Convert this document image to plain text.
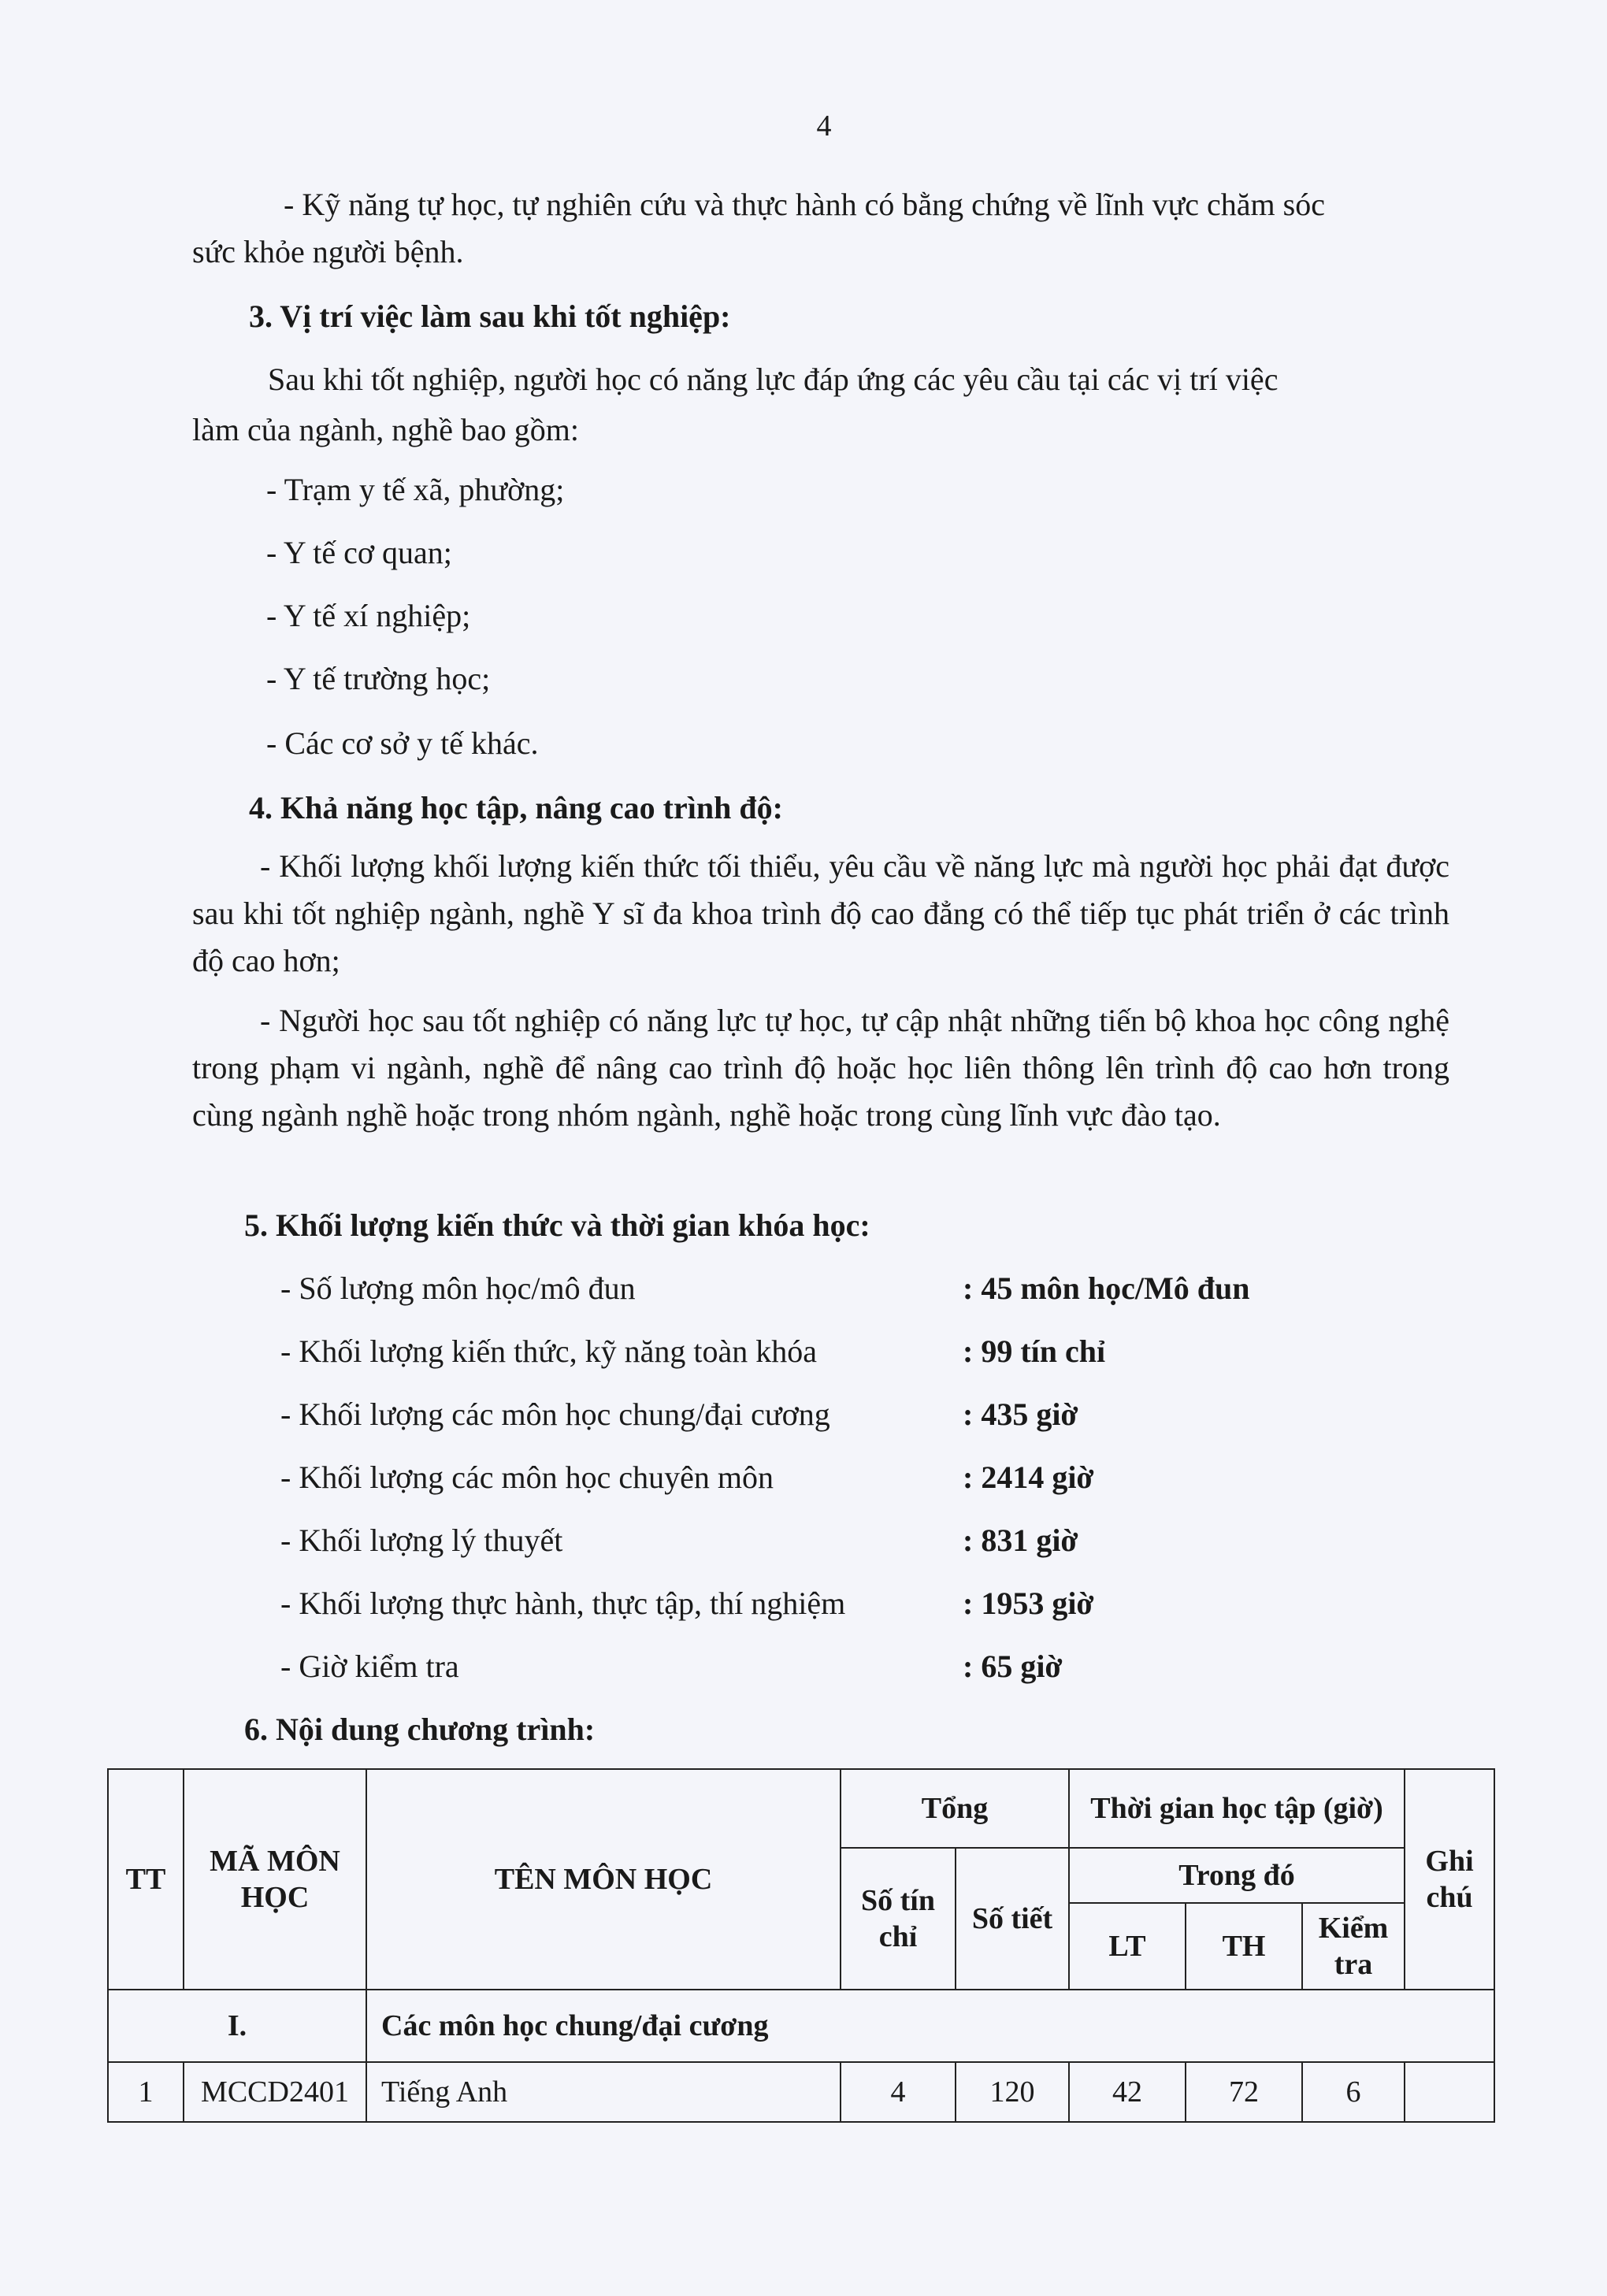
4
- Kỹ năng tự học, tự nghiên cứu và thực hành có bằng chứng về lĩnh vực chăm sóc
sức khỏe người bệnh.
3. Vị trí việc làm sau khi tốt nghiệp:
Sau khi tốt nghiệp, người học có năng lực đáp ứng các yêu cầu tại các vị trí việc
làm của ngành, nghề bao gồm:
- Trạm y tế xã, phường;
- Y tế cơ quan;
- Y tế xí nghiệp;
- Y tế trường học;
- Các cơ sở y tế khác.
4. Khả năng học tập, nâng cao trình độ:
- Khối lượng khối lượng kiến thức tối thiểu, yêu cầu về năng lực mà người học phải đạt được sau khi tốt nghiệp ngành, nghề Y sĩ đa khoa trình độ cao đẳng có thể tiếp tục phát triển ở các trình độ cao hơn;
- Người học sau tốt nghiệp có năng lực tự học, tự cập nhật những tiến bộ khoa học công nghệ trong phạm vi ngành, nghề để nâng cao trình độ hoặc học liên thông lên trình độ cao hơn trong cùng ngành nghề hoặc trong nhóm ngành, nghề hoặc trong cùng lĩnh vực đào tạo.
5. Khối lượng kiến thức và thời gian khóa học:
- Số lượng môn học/mô đun	: 45 môn học/Mô đun
- Khối lượng kiến thức, kỹ năng toàn khóa	: 99 tín chỉ
- Khối lượng các môn học chung/đại cương	: 435 giờ
- Khối lượng các môn học chuyên môn	: 2414 giờ
- Khối lượng lý thuyết	: 831 giờ
- Khối lượng thực hành, thực tập, thí nghiệm	: 1953 giờ
- Giờ kiểm tra	: 65 giờ
6. Nội dung chương trình:
TT	MÃ MÔN HỌC	TÊN MÔN HỌC	Tổng		Thời gian học tập (giờ)			Ghi chú
			Số tín chỉ	Số tiết	Trong đó			
					LT	TH	Kiểm tra	
I.		Các môn học chung/đại cương						
1	MCCD2401	Tiếng Anh	4	120	42	72	6	
